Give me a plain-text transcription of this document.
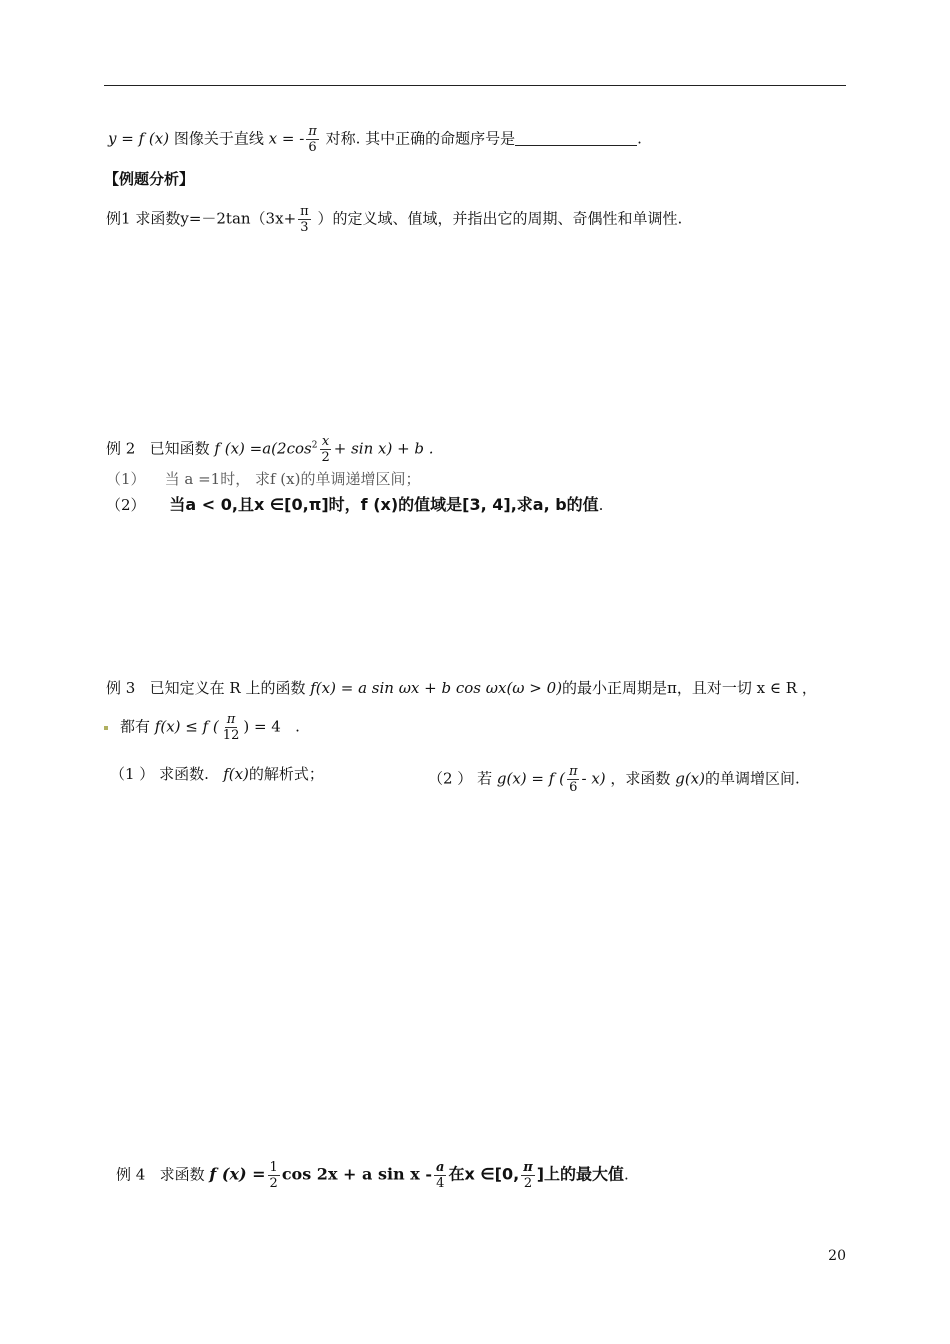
y = f (x) 图像关于直线 x = - $\frac{\pi}{6}$ 对称. 其中正确的命题序号是	.
【例题分析】
例1 求函数$y=-2\tan(3x+ \frac{\pi}{3}$ ）的定义域、值域，并指出它的周期、奇偶性和单调性.
例 2 已知函数 f $(x) =a(2\cos^2 \frac{x}{2} + \sin x) + b$ .
（1） 当 a =1时， 求f (x)的单调递增区间；
（2） 当a < 0,且x ∈[0,π]时，f (x)的值域是[3, 4],求a, b的值.
例 3 已知定义在 R 上的函数 f(x) = a sin ωx + b cos ωx(ω > 0)的最小正周期是π，且对一切 x ∈ R ，
都有 f(x) ≤ f ( $\frac{\pi}{12}$ ) = 4 .
（1 ） 求函数. f(x)的解析式；	（2 ） 若 g(x) = f ( $\frac{\pi}{6} - x$) ，求函数 g(x)的单调增区间.
例 4 求函数 f $(x) = \frac{1}{2}$ cos 2x + a sin x - $\frac{a}{4}$ 在x ∈[0, $\frac{\pi}{2}$ ]上的最大值.
20
